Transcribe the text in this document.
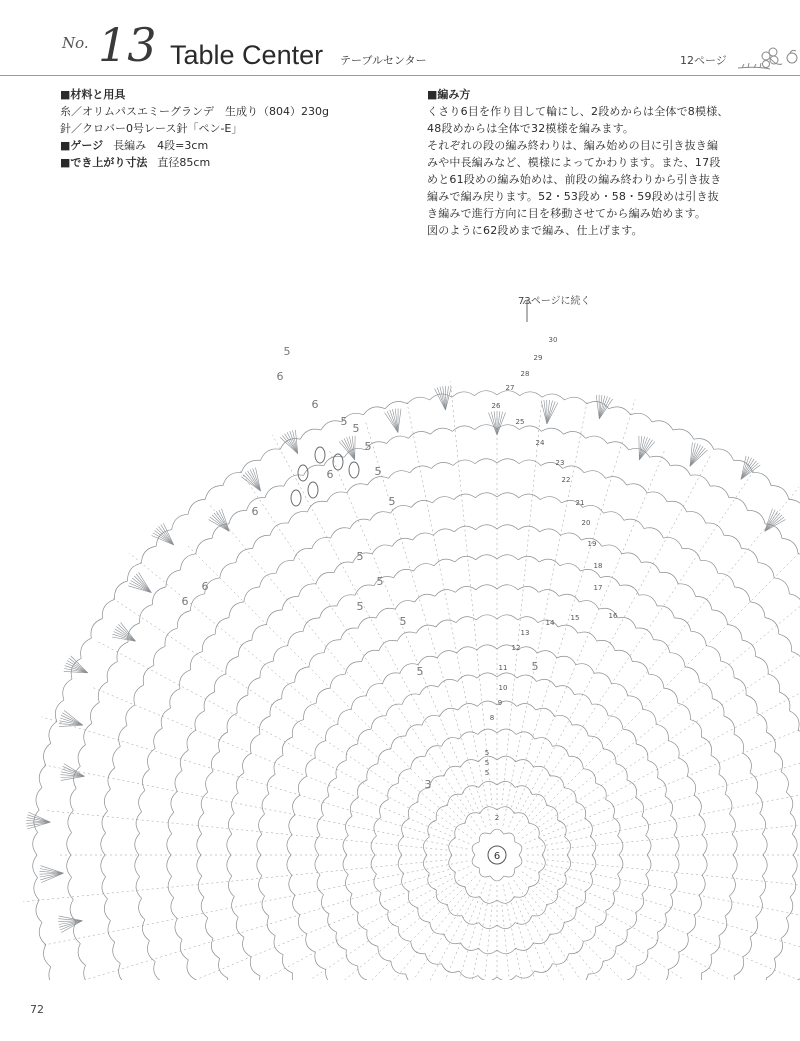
No. 13 Table Center テーブルセンター	12ページ
■材料と用具
糸／オリムパスエミーグランデ　生成り（804）230g
針／クロバー0号レース針「ペン-E」
■ゲージ 長編み　4段=3cm
■でき上がり寸法 直径85cm
■編み方
くさり6目を作り目して輪にし、2段めからは全体で8模様、
48段めからは全体で32模様を編みます。
それぞれの段の編み終わりは、編み始めの目に引き抜き編
みや中長編みなど、模様によってかわります。また、17段
めと61段めの編み始めは、前段の編み終わりから引き抜き
編みで編み戻ります。52・53段め・58・59段めは引き抜
き編みで進行方向に目を移動させてから編み始めます。
図のように62段めまで編み、仕上げます。
73ページに続く
6
2
5
5
5
8
9
10
11
12
13
14
15	16
17
18
19
20
21
22
23
24
25
26
27
28
29
30
5
5
5
5
5
5
5
5
5
5
5
6
6
6
6
6
6
3
5
72
